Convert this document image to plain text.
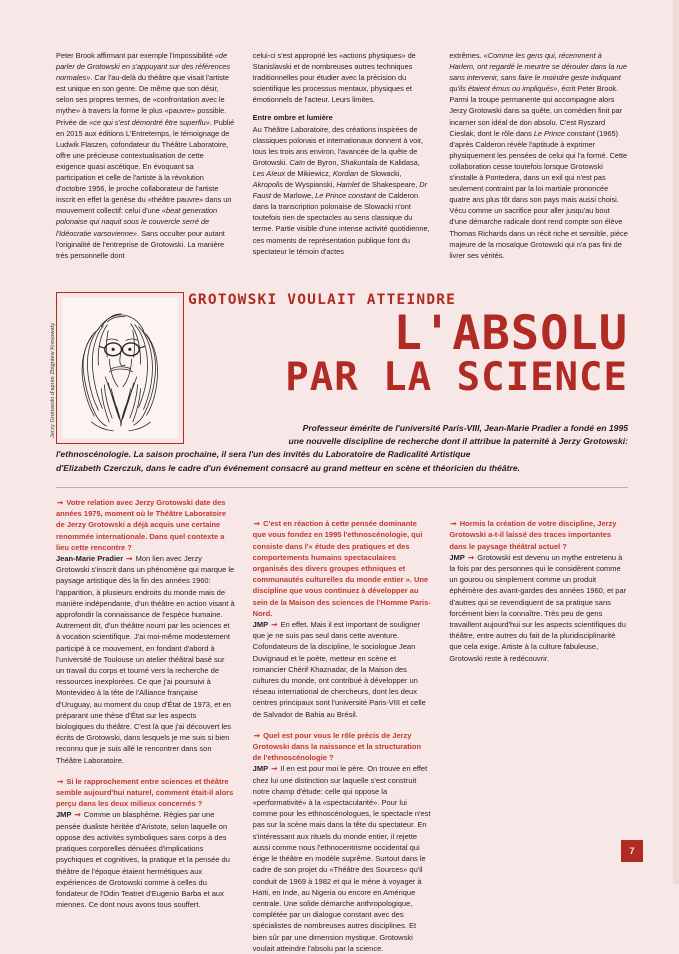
Jerzy Grotowski d'après Zbigniew Kresowaty

Peter Brook affirmant par exemple l'impossibilité «de parler de Grotowski en s'appuyant sur des références normales». Car l'au-delà du théâtre que visait l'artiste est unique en son genre. De même que son désir, selon ses propres termes, de «confrontation avec le mythe» à travers la forme le plus «pauvre» possible. Privée de «ce qui s'est démontré être superflu». Publié en 2015 aux éditions L'Entretemps, le témoignage de Ludwik Flaszen, cofondateur du Théâtre Laboratoire, offre une précieuse contextualisation de cette exigence quasi ascétique. En évoquant sa participation et celle de l'artiste à la révolution d'octobre 1956, le proche collaborateur de l'artiste inscrit en effet la genèse du «théâtre pauvre» dans un mouvement collectif: celui d'une «beat generation polonaise qui naquit sous le couvercle serré de l'Idéocratie varsovienne». Sans occulter pour autant l'originalité de l'entreprise de Grotowski. La manière très personnelle dont

celui-ci s'est approprié les «actions physiques» de Stanislavski et de nombreuses autres techniques traditionnelles pour étudier avec la précision du scientifique les processus mentaux, physiques et émotionnels de l'acteur. Leurs limites.

Entre ombre et lumière

Au Théâtre Laboratoire, des créations inspirées de classiques polonais et internationaux donnent à voir, tous les trois ans environ, l'avancée de la quête de Grotowski. Caïn de Byron, Shakuntala de Kalidasa, Les Aïeux de Mikiewicz, Kordian de Slowacki, Akropolis de Wyspianski, Hamlet de Shakespeare, Dr Faust de Marlowe, Le Prince constant de Calderon dans la transcription polonaise de Slowacki n'ont toutefois rien de spectacles au sens classique du terme. Partie visible d'une intense activité quotidienne, ces moments de représentation publique font du spectateur le témoin d'actes

extrêmes. «Comme les gens qui, récemment à Harlem, ont regardé le meurtre se dérouler dans la rue sans intervenir, sans faire le moindre geste indiquant qu'ils étaient émus ou impliqués», écrit Peter Brook. Parmi la troupe permanente qui accompagne alors Jerzy Grotowski dans sa quête, un comédien finit par incarner son idéal de don absolu. C'est Ryszard Cieslak, dont le rôle dans Le Prince constant (1965) d'après Calderon révèle l'aptitude à exprimer physiquement les pensées de celui qui l'a formé. Cette collaboration cesse toutefois lorsque Grotowski s'installe à Pontedera, dans un exil qui n'est pas seulement contraint par la loi martiale prononcée quatre ans plus tôt dans son pays mais aussi choisi. Vécu comme un sacrifice pour aller jusqu'au bout d'une démarche radicale dont rend compte son élève Thomas Richards dans un récit riche et sensible, pièce majeure de la mosaïque Grotowski qui n'a pas fini de livrer ses vérités.

GROTOWSKI VOULAIT ATTEINDRE
L'ABSOLU
PAR LA SCIENCE
Professeur émérite de l'université Paris-VIII, Jean-Marie Pradier a fondé en 1995
une nouvelle discipline de recherche dont il attribue la paternité à Jerzy Grotowski:
l'ethnoscénologie. La saison prochaine, il sera l'un des invités du Laboratoire de Radicalité Artistique
d'Elizabeth Czerczuk, dans le cadre d'un événement consacré au grand metteur en scène et théoricien du théâtre.

➞ Votre relation avec Jerzy Grotowski date des années 1975, moment où le Théâtre Laboratoire de Jerzy Grotowski a déjà acquis une certaine renommée internationale. Dans quel contexte a lieu cette rencontre ?

Jean-Marie Pradier ➞ Mon lien avec Jerzy Grotowski s'inscrit dans un phénomène qui marque le paysage artistique dès la fin des années 1960: l'apparition, à plusieurs endroits du monde mais de manière indépendante, d'un théâtre en action visant à approfondir la connaissance de l'espèce humaine. Autrement dit, d'un théâtre nourri par les sciences et à vocation scientifique. J'ai moi-même modestement participé à ce mouvement, en fondant d'abord à l'université de Toulouse un atelier théâtral basé sur un travail du corps et tourné vers la recherche de ressources inexplorées. Ce que j'ai poursuivi à Montevideo à la tête de l'Alliance française d'Uruguay, au moment du coup d'État de 1973, et en préparant une thèse d'État sur les aspects biologiques du théâtre. C'est là que j'ai découvert les écrits de Grotowski, dans lesquels je me suis si bien reconnu que je suis allé le rencontrer dans son Théâtre Laboratoire.

➞ Si le rapprochement entre sciences et théâtre semble aujourd'hui naturel, comment était-il alors perçu dans les deux milieux concernés ?

JMP ➞ Comme un blasphème. Régies par une pensée dualiste héritée d'Aristote, selon laquelle on oppose des activités symboliques sans corps à des pratiques corporelles dénuées d'implications psychiques et cognitives, la pratique et la pensée du théâtre de l'époque étaient hermétiques aux expériences de Grotowski comme à celles du fondateur de l'Odin Teatret d'Eugenio Barba et aux miennes. Ce dont nous avons tous souffert.

➞ C'est en réaction à cette pensée dominante que vous fondez en 1995 l'ethnoscénologie, qui consiste dans l'« étude des pratiques et des comportements humains spectaculaires organisés des divers groupes ethniques et communautés culturelles du monde entier ». Une discipline que vous continuez à développer au sein de la Maison des sciences de l'Homme Paris-Nord.

JMP ➞ En effet. Mais il est important de souligner que je ne suis pas seul dans cette aventure. Cofondateurs de la discipline, le sociologue Jean Duvignaud et le poète, metteur en scène et romancier Chérif Khaznadar, de la Maison des cultures du monde, ont contribué à développer un réseau international de chercheurs, dont les deux centres principaux sont l'université Paris-VIII et celle de Salvador de Bahia au Brésil.

➞ Quel est pour vous le rôle précis de Jerzy Grotowski dans la naissance et la structuration de l'ethnoscénologie ?

JMP ➞ Il en est pour moi le père. On trouve en effet chez lui une distinction sur laquelle s'est construit notre champ d'étude: celle qui oppose la «performativité» à la «spectacularité». Pour lui comme pour les ethnoscénologues, le spectacle n'est pas sur la scène mais dans la tête du spectateur. En s'intéressant aux rituels du monde entier, il rejette aussi comme nous l'ethnocentrisme occidental qui érige le théâtre en modèle suprême. Surtout dans le cadre de son projet du «Théâtre des Sources» qu'il conduit de 1969 à 1982 et qui le mène à voyager à Haïti, en Inde, au Nigeria ou encore en Amérique centrale. Une solide démarche anthropologique, complétée par un dialogue constant avec des spécialistes de nombreuses autres disciplines. Et bien sûr par une dimension mystique. Grotowski voulait atteindre l'absolu par la science.

➞ Hormis la création de votre discipline, Jerzy Grotowski a-t-il laissé des traces importantes dans le paysage théâtral actuel ?

JMP ➞ Grotowski est devenu un mythe entretenu à la fois par des personnes qui le considèrent comme un gourou ou simplement comme un produit éphémère des avant-gardes des années 1960, et par d'autres qui se revendiquent de sa pratique sans forcément bien la connaître. Très peu de gens travaillent aujourd'hui sur les aspects scientifiques du théâtre, entre autres du fait de la pluridisciplinarité que cela exige. Artiste à la culture fabuleuse, Grotowski reste à redécouvrir.

7
